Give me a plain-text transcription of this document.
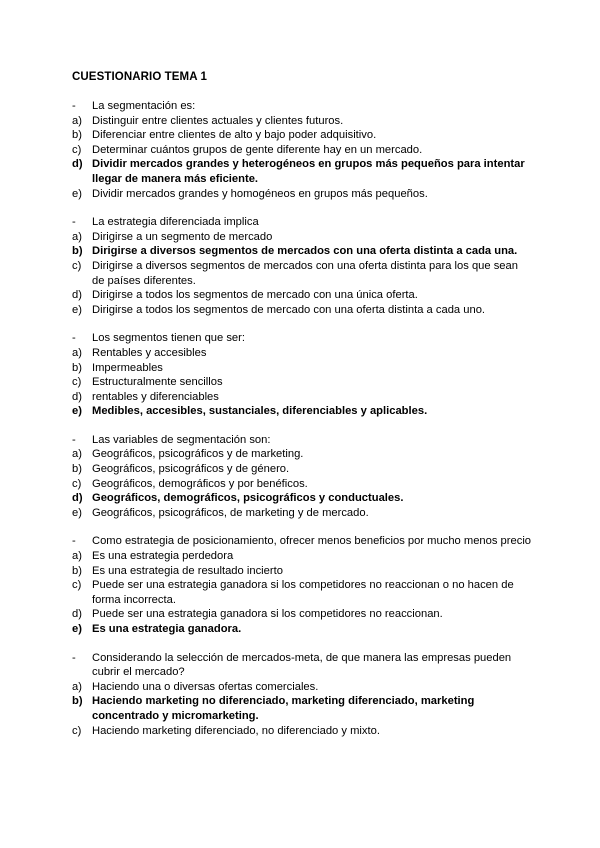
CUESTIONARIO TEMA 1
-	La segmentación es:
a) Distinguir entre clientes actuales y clientes futuros.
b) Diferenciar entre clientes de alto y bajo poder adquisitivo.
c) Determinar cuántos grupos de gente diferente hay en un mercado.
d) Dividir mercados grandes y heterogéneos en grupos más pequeños para intentar llegar de manera más eficiente.
e) Dividir mercados grandes y homogéneos en grupos más pequeños.
-	La estrategia diferenciada implica
a) Dirigirse a un segmento de mercado
b) Dirigirse a diversos segmentos de mercados con una oferta distinta a cada una.
c) Dirigirse a diversos segmentos de mercados con una oferta distinta para los que sean de países diferentes.
d) Dirigirse a todos los segmentos de mercado con una única oferta.
e) Dirigirse a todos los segmentos de mercado con una oferta distinta a cada uno.
-	Los segmentos tienen que ser:
a) Rentables y accesibles
b) Impermeables
c) Estructuralmente sencillos
d) rentables y diferenciables
e) Medibles, accesibles, sustanciales, diferenciables y aplicables.
-	Las variables de segmentación son:
a) Geográficos, psicográficos y de marketing.
b) Geográficos, psicográficos y de género.
c) Geográficos, demográficos y por benéficos.
d) Geográficos, demográficos, psicográficos y conductuales.
e) Geográficos, psicográficos, de marketing y de mercado.
-	Como estrategia de posicionamiento, ofrecer menos beneficios por mucho menos precio
a) Es una estrategia perdedora
b) Es una estrategia de resultado incierto
c) Puede ser una estrategia ganadora si los competidores no reaccionan o no hacen de forma incorrecta.
d) Puede ser una estrategia ganadora si los competidores no reaccionan.
e) Es una estrategia ganadora.
-	Considerando la selección de mercados-meta, de que manera las empresas pueden cubrir el mercado?
a) Haciendo una o diversas ofertas comerciales.
b) Haciendo marketing no diferenciado, marketing diferenciado, marketing concentrado y micromarketing.
c) Haciendo marketing diferenciado, no diferenciado y mixto.
